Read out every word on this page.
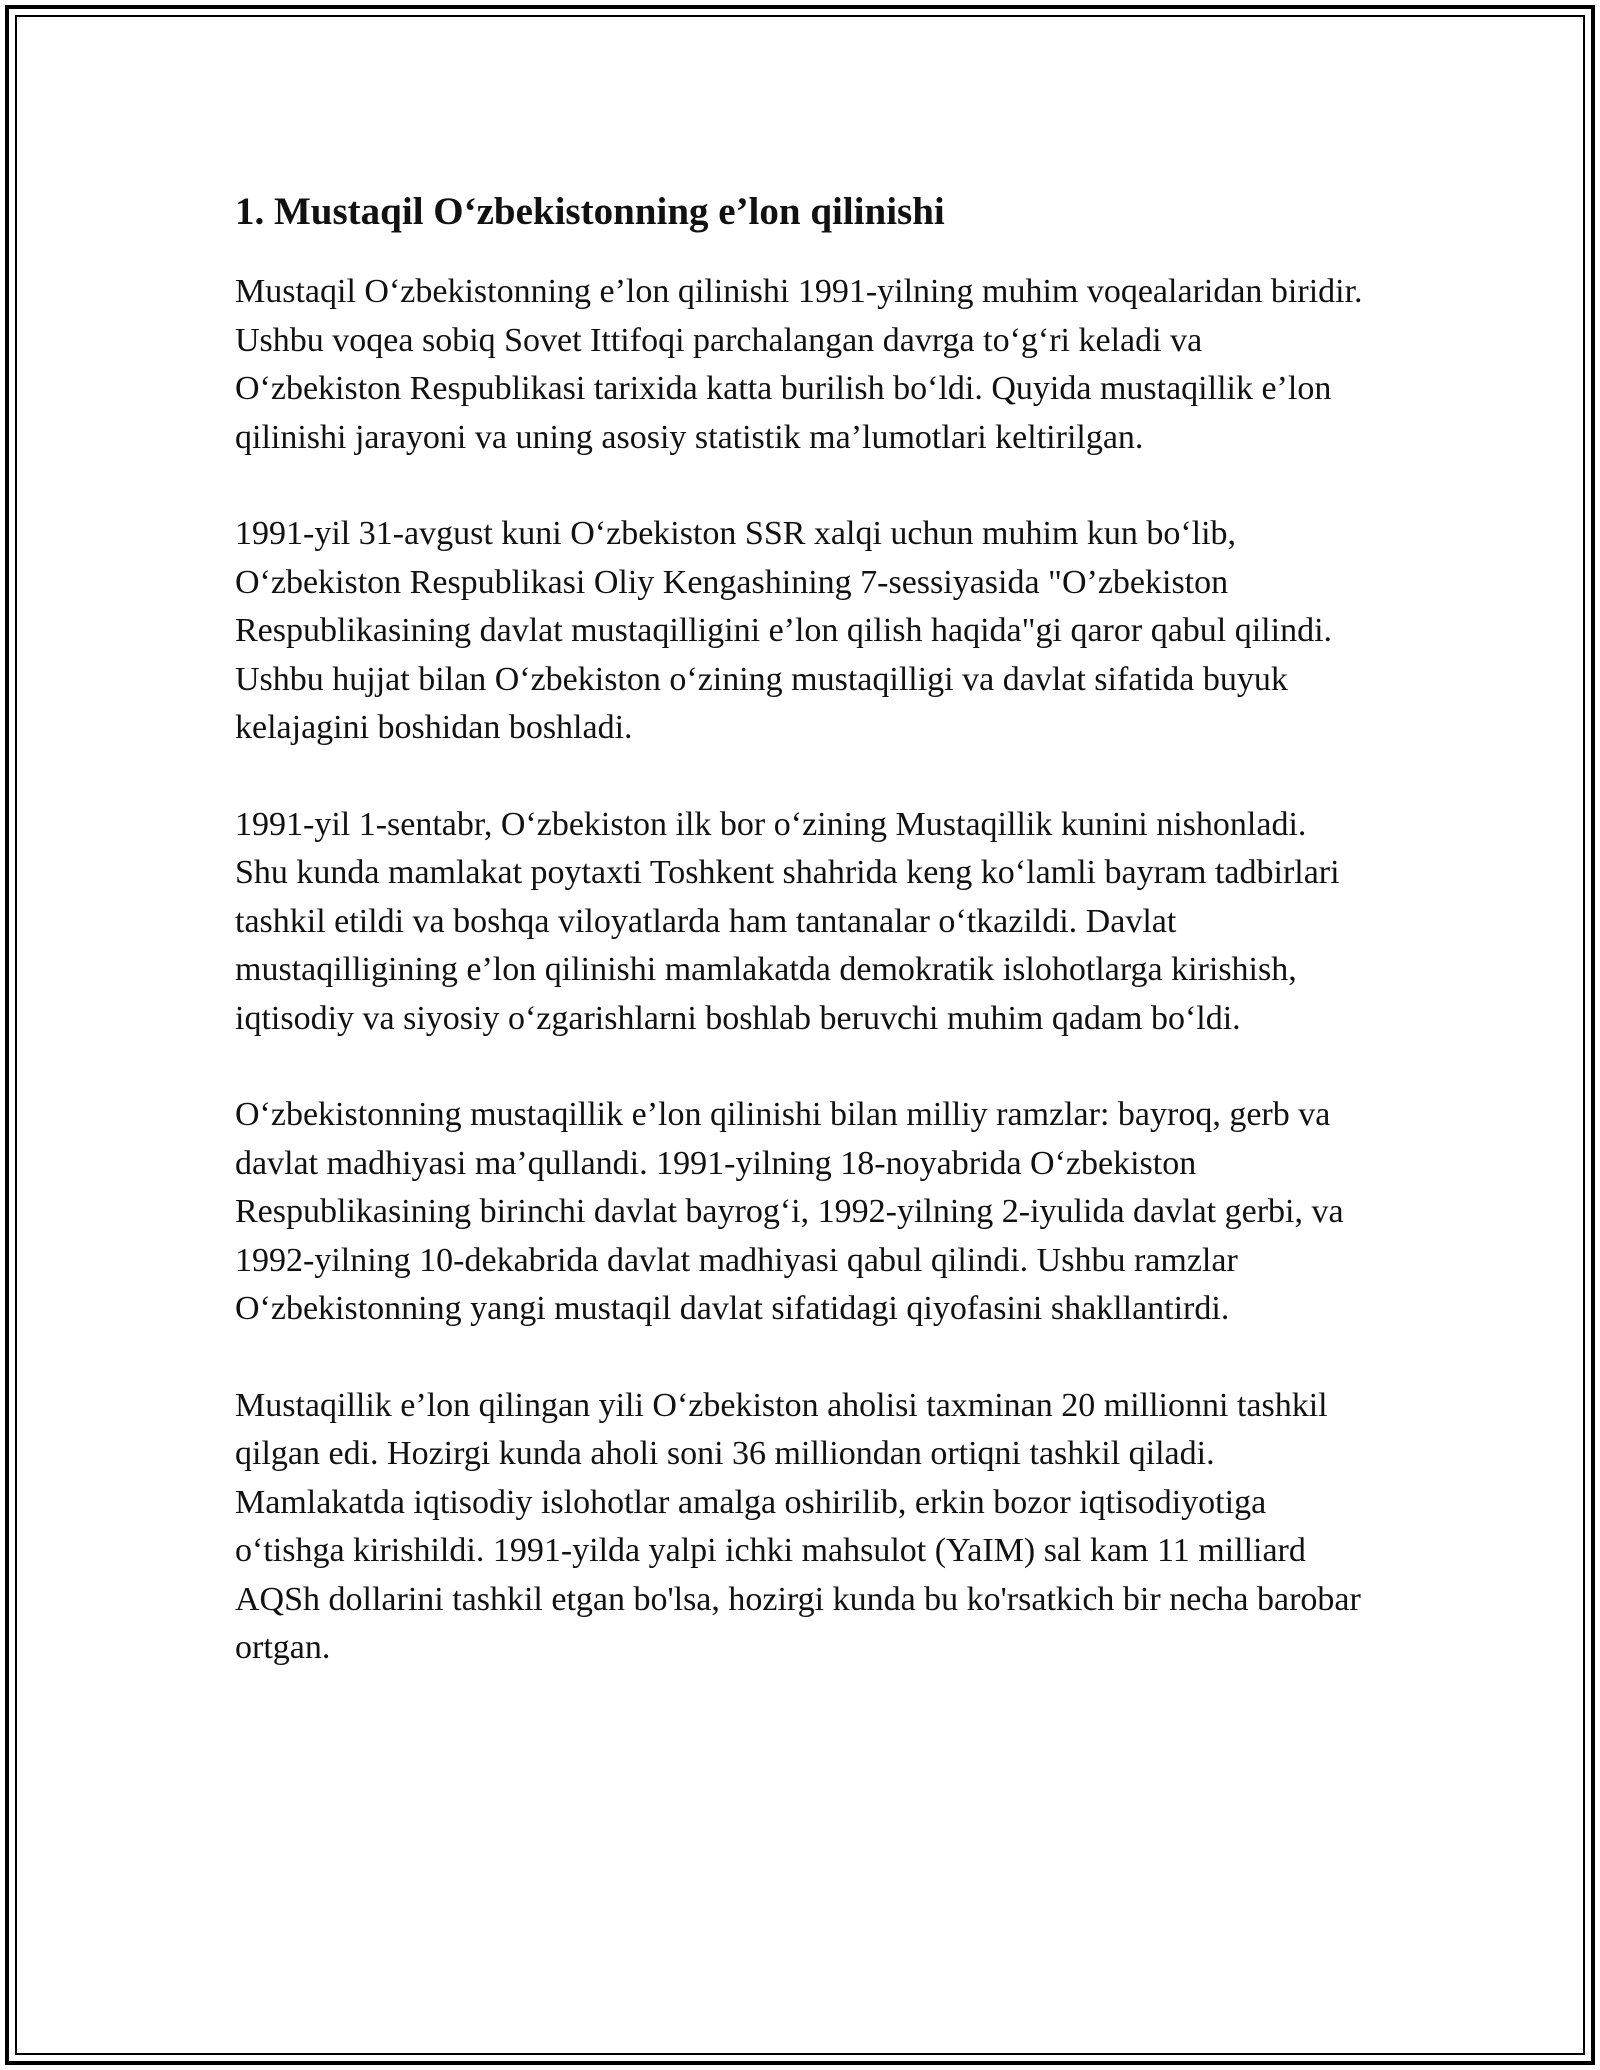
1. Mustaqil O‘zbekistonning e’lon qilinishi

Mustaqil O‘zbekistonning e’lon qilinishi 1991-yilning muhim voqealaridan biridir. Ushbu voqea sobiq Sovet Ittifoqi parchalangan davrga to‘g‘ri keladi va O‘zbekiston Respublikasi tarixida katta burilish bo‘ldi. Quyida mustaqillik e’lon qilinishi jarayoni va uning asosiy statistik ma’lumotlari keltirilgan.

1991-yil 31-avgust kuni O‘zbekiston SSR xalqi uchun muhim kun bo‘lib, O‘zbekiston Respublikasi Oliy Kengashining 7-sessiyasida "O’zbekiston Respublikasining davlat mustaqilligini e’lon qilish haqida"gi qaror qabul qilindi. Ushbu hujjat bilan O‘zbekiston o‘zining mustaqilligi va davlat sifatida buyuk kelajagini boshidan boshladi.

1991-yil 1-sentabr, O‘zbekiston ilk bor o‘zining Mustaqillik kunini nishonladi. Shu kunda mamlakat poytaxti Toshkent shahrida keng ko‘lamli bayram tadbirlari tashkil etildi va boshqa viloyatlarda ham tantanalar o‘tkazildi. Davlat mustaqilligining e’lon qilinishi mamlakatda demokratik islohotlarga kirishish, iqtisodiy va siyosiy o‘zgarishlarni boshlab beruvchi muhim qadam bo‘ldi.

O‘zbekistonning mustaqillik e’lon qilinishi bilan milliy ramzlar: bayroq, gerb va davlat madhiyasi ma’qullandi. 1991-yilning 18-noyabrida O‘zbekiston Respublikasining birinchi davlat bayrog‘i, 1992-yilning 2-iyulida davlat gerbi, va 1992-yilning 10-dekabrida davlat madhiyasi qabul qilindi. Ushbu ramzlar O‘zbekistonning yangi mustaqil davlat sifatidagi qiyofasini shakllantirdi.

Mustaqillik e’lon qilingan yili O‘zbekiston aholisi taxminan 20 millionni tashkil qilgan edi. Hozirgi kunda aholi soni 36 milliondan ortiqni tashkil qiladi. Mamlakatda iqtisodiy islohotlar amalga oshirilib, erkin bozor iqtisodiyotiga o‘tishga kirishildi. 1991-yilda yalpi ichki mahsulot (YaIM) sal kam 11 milliard AQSh dollarini tashkil etgan bo'lsa, hozirgi kunda bu ko'rsatkich bir necha barobar ortgan.
